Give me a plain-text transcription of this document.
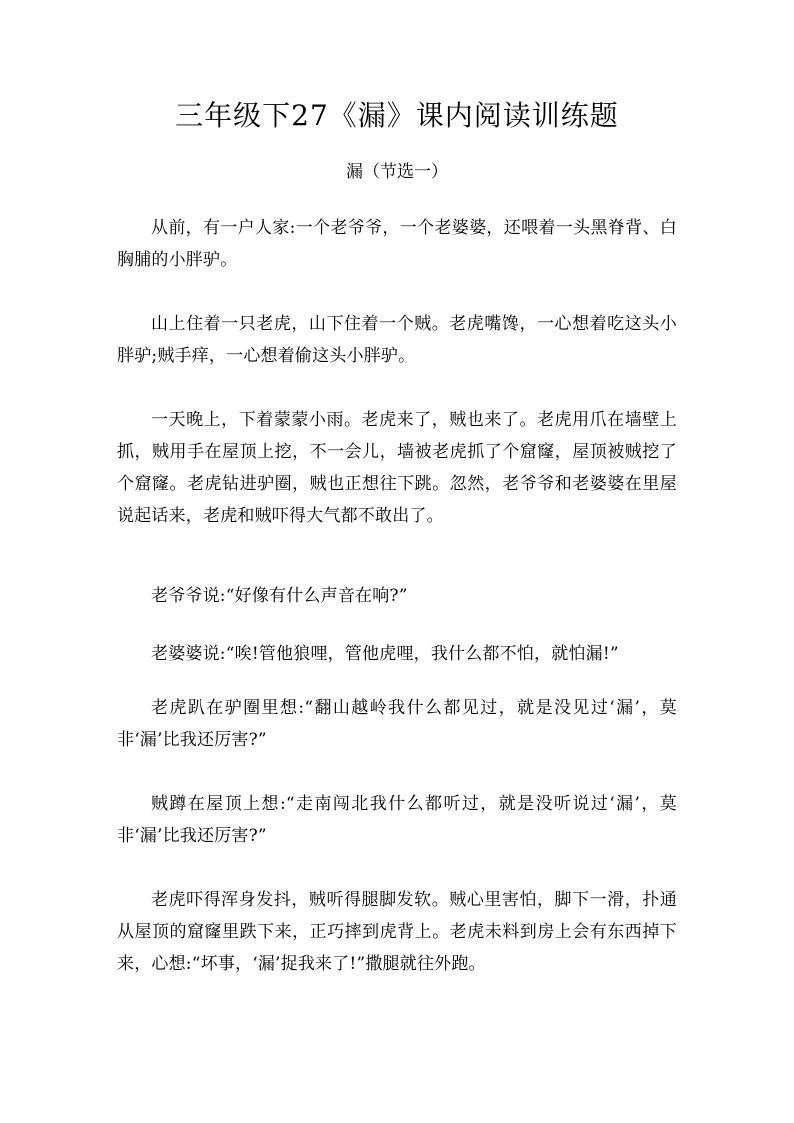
三年级下27《漏》课内阅读训练题
漏（节选一）

从前，有一户人家:一个老爷爷，一个老婆婆，还喂着一头黑脊背、白胸脯的小胖驴。

山上住着一只老虎，山下住着一个贼。老虎嘴馋，一心想着吃这头小胖驴;贼手痒，一心想着偷这头小胖驴。

一天晚上，下着蒙蒙小雨。老虎来了，贼也来了。老虎用爪在墙壁上抓，贼用手在屋顶上挖，不一会儿，墙被老虎抓了个窟窿，屋顶被贼挖了个窟窿。老虎钻进驴圈，贼也正想往下跳。忽然，老爷爷和老婆婆在里屋说起话来，老虎和贼吓得大气都不敢出了。

老爷爷说:“好像有什么声音在响?”

老婆婆说:“唉!管他狼哩，管他虎哩，我什么都不怕，就怕漏!”

老虎趴在驴圈里想:“翻山越岭我什么都见过，就是没见过‘漏’，莫非‘漏’比我还厉害?”

贼蹲在屋顶上想:“走南闯北我什么都听过，就是没听说过‘漏’，莫非‘漏’比我还厉害?”

老虎吓得浑身发抖，贼听得腿脚发软。贼心里害怕，脚下一滑，扑通从屋顶的窟窿里跌下来，正巧摔到虎背上。老虎未料到房上会有东西掉下来，心想:“坏事，‘漏’捉我来了!”撒腿就往外跑。
